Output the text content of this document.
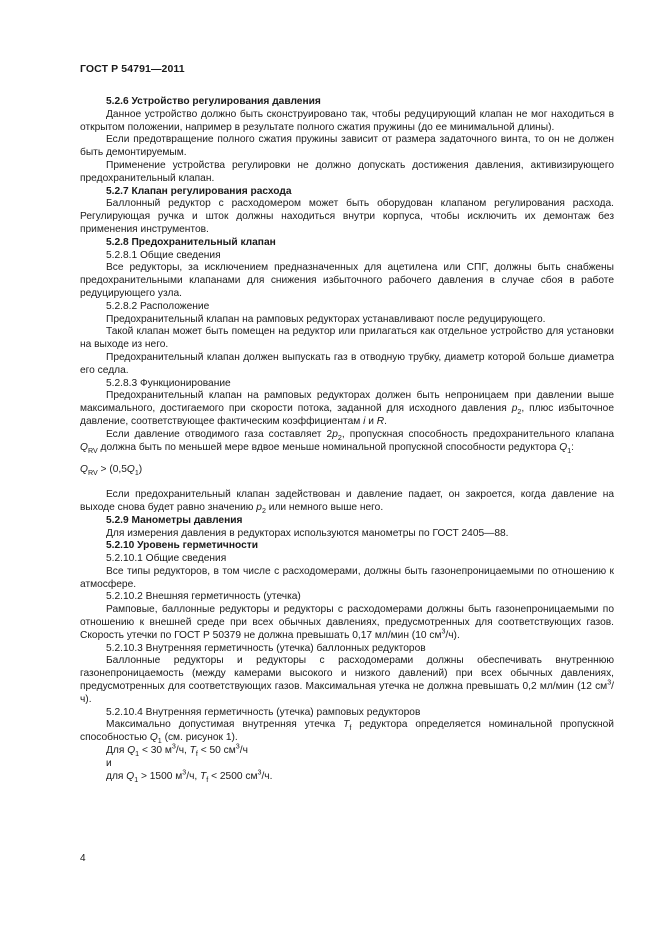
ГОСТ Р 54791—2011

5.2.6 Устройство регулирования давления

Данное устройство должно быть сконструировано так, чтобы редуцирующий клапан не мог находиться в открытом положении, например в результате полного сжатия пружины (до ее минимальной длины).

Если предотвращение полного сжатия пружины зависит от размера задаточного винта, то он не должен быть демонтируемым.

Применение устройства регулировки не должно допускать достижения давления, активизирующего предохранительный клапан.

5.2.7 Клапан регулирования расхода

Баллонный редуктор с расходомером может быть оборудован клапаном регулирования расхода. Регулирующая ручка и шток должны находиться внутри корпуса, чтобы исключить их демонтаж без применения инструментов.

5.2.8 Предохранительный клапан

5.2.8.1 Общие сведения

Все редукторы, за исключением предназначенных для ацетилена или СПГ, должны быть снабжены предохранительными клапанами для снижения избыточного рабочего давления в случае сбоя в работе редуцирующего узла.

5.2.8.2 Расположение

Предохранительный клапан на рамповых редукторах устанавливают после редуцирующего.

Такой клапан может быть помещен на редуктор или прилагаться как отдельное устройство для установки на выходе из него.

Предохранительный клапан должен выпускать газ в отводную трубку, диаметр которой больше диаметра его седла.

5.2.8.3 Функционирование

Предохранительный клапан на рамповых редукторах должен быть непроницаем при давлении выше максимального, достигаемого при скорости потока, заданной для исходного давления $p_2$, плюс избыточное давление, соответствующее фактическим коэффициентам i и R.

Если давление отводимого газа составляет $2p_2$, пропускная способность предохранительного клапана $Q_{RV}$ должна быть по меньшей мере вдвое меньше номинальной пропускной способности редуктора $Q_1$:

$Q_{RV} > (0,5Q_1)$

Если предохранительный клапан задействован и давление падает, он закроется, когда давление на выходе снова будет равно значению $p_2$ или немного выше него.

5.2.9 Манометры давления

Для измерения давления в редукторах используются манометры по ГОСТ 2405—88.

5.2.10 Уровень герметичности

5.2.10.1 Общие сведения

Все типы редукторов, в том числе с расходомерами, должны быть газонепроницаемыми по отношению к атмосфере.

5.2.10.2 Внешняя герметичность (утечка)

Рамповые, баллонные редукторы и редукторы с расходомерами должны быть газонепроницаемыми по отношению к внешней среде при всех обычных давлениях, предусмотренных для соответствующих газов. Скорость утечки по ГОСТ Р 50379 не должна превышать 0,17 мл/мин (10 $см^3/ч$).

5.2.10.3 Внутренняя герметичность (утечка) баллонных редукторов

Баллонные редукторы и редукторы с расходомерами должны обеспечивать внутреннюю газонепроницаемость (между камерами высокого и низкого давлений) при всех обычных давлениях, предусмотренных для соответствующих газов. Максимальная утечка не должна превышать 0,2 мл/мин (12 $см^3/ч$).

5.2.10.4 Внутренняя герметичность (утечка) рамповых редукторов

Максимально допустимая внутренняя утечка $T_f$ редуктора определяется номинальной пропускной способностью $Q_1$ (см. рисунок 1).

Для $Q_1 < 30$ $м^3/ч$, $T_f < 50$ $см^3/ч$

и

для $Q_1 > 1500$ $м^3/ч$, $T_f < 2500$ $см^3/ч$.

4
